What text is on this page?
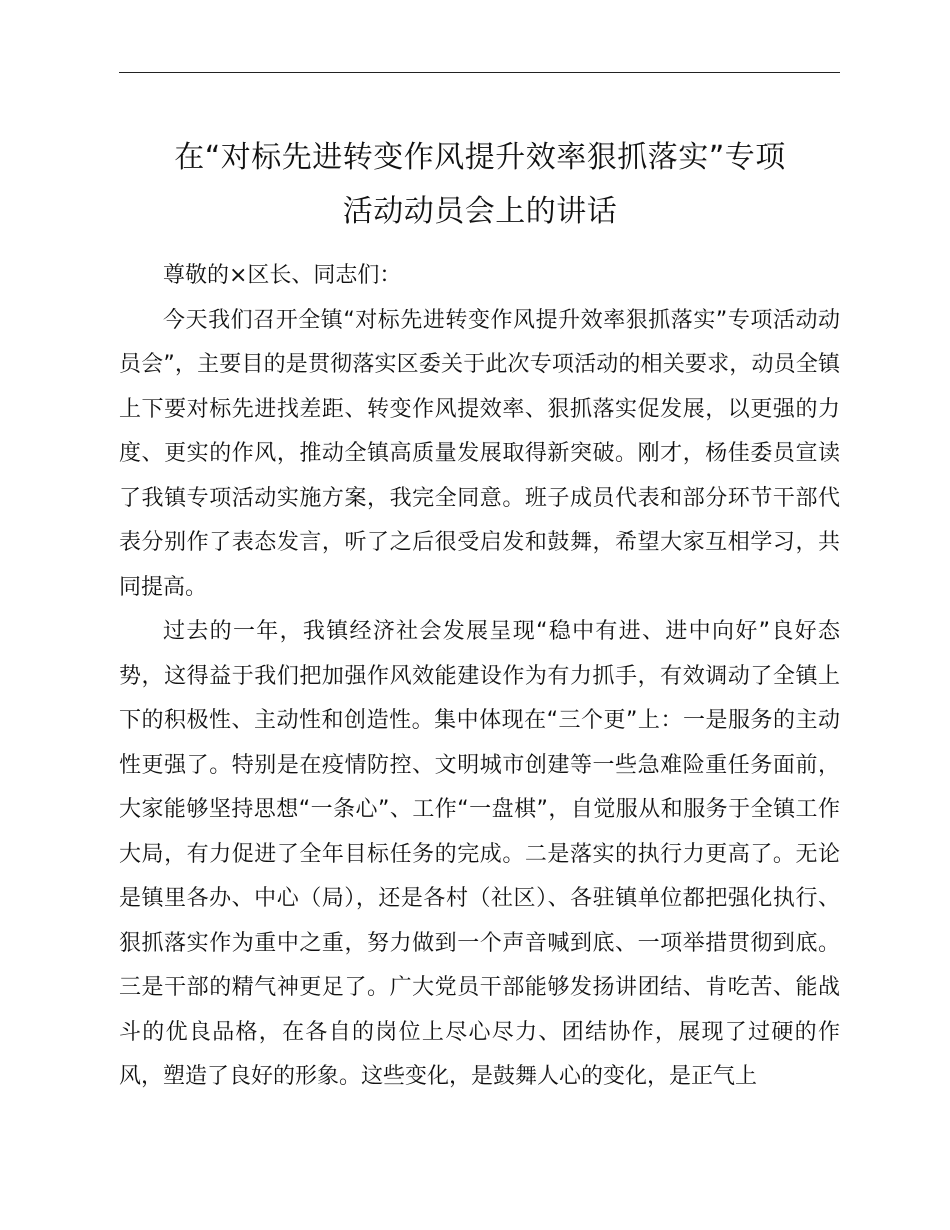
在“对标先进转变作风提升效率狠抓落实”专项
活动动员会上的讲话

尊敬的×区长、同志们：

今天我们召开全镇“对标先进转变作风提升效率狠抓落实”专项活动动员会”，主要目的是贯彻落实区委关于此次专项活动的相关要求，动员全镇上下要对标先进找差距、转变作风提效率、狠抓落实促发展，以更强的力度、更实的作风，推动全镇高质量发展取得新突破。刚才，杨佳委员宣读了我镇专项活动实施方案，我完全同意。班子成员代表和部分环节干部代表分别作了表态发言，听了之后很受启发和鼓舞，希望大家互相学习，共同提高。

过去的一年，我镇经济社会发展呈现“稳中有进、进中向好”良好态势，这得益于我们把加强作风效能建设作为有力抓手，有效调动了全镇上下的积极性、主动性和创造性。集中体现在“三个更”上：一是服务的主动性更强了。特别是在疫情防控、文明城市创建等一些急难险重任务面前，大家能够坚持思想“一条心”、工作“一盘棋”，自觉服从和服务于全镇工作大局，有力促进了全年目标任务的完成。二是落实的执行力更高了。无论是镇里各办、中心（局），还是各村（社区）、各驻镇单位都把强化执行、狠抓落实作为重中之重，努力做到一个声音喊到底、一项举措贯彻到底。三是干部的精气神更足了。广大党员干部能够发扬讲团结、肯吃苦、能战斗的优良品格，在各自的岗位上尽心尽力、团结协作，展现了过硬的作风，塑造了良好的形象。这些变化，是鼓舞人心的变化，是正气上
